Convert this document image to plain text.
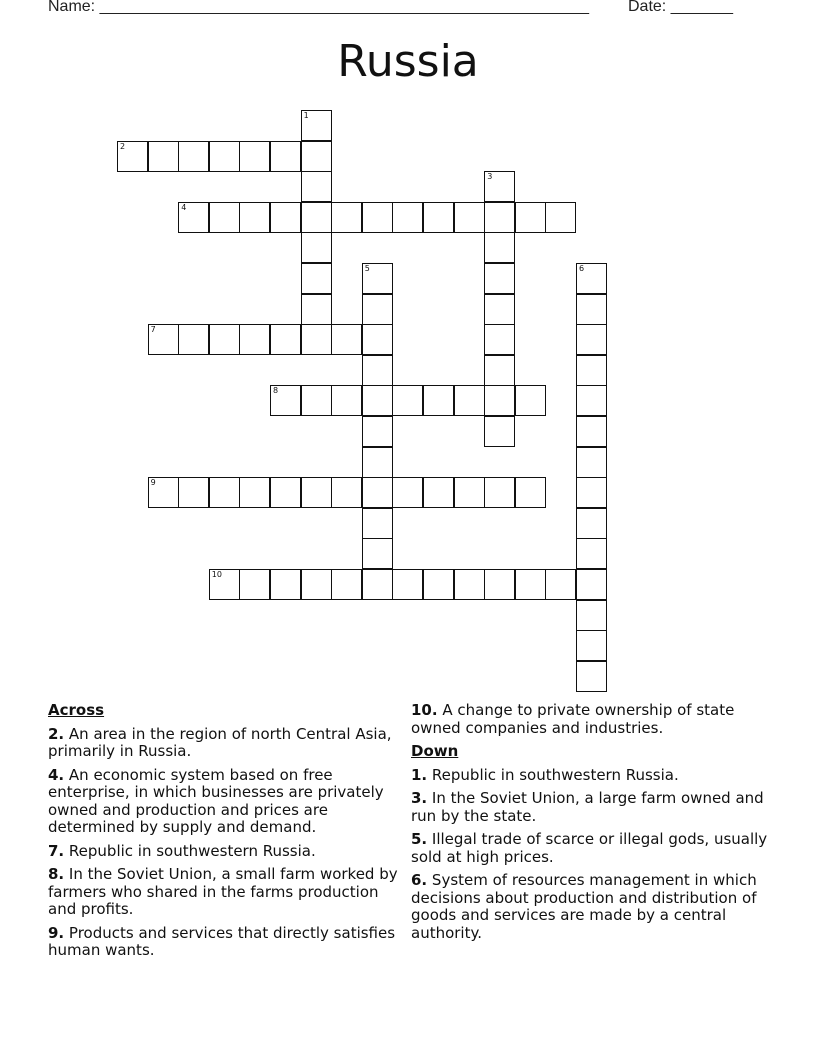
Name: _______________________________________________________ Date: _______
Russia
1
2
3
4
5	6
7
8
9
10
Across
2. An area in the region of north Central Asia, primarily in Russia.
4. An economic system based on free enterprise, in which businesses are privately owned and production and prices are determined by supply and demand.
7. Republic in southwestern Russia.
8. In the Soviet Union, a small farm worked by farmers who shared in the farms production and profits.
9. Products and services that directly satisfies human wants.
10. A change to private ownership of state owned companies and industries.
Down
1. Republic in southwestern Russia.
3. In the Soviet Union, a large farm owned and run by the state.
5. Illegal trade of scarce or illegal gods, usually sold at high prices.
6. System of resources management in which decisions about production and distribution of goods and services are made by a central authority.
